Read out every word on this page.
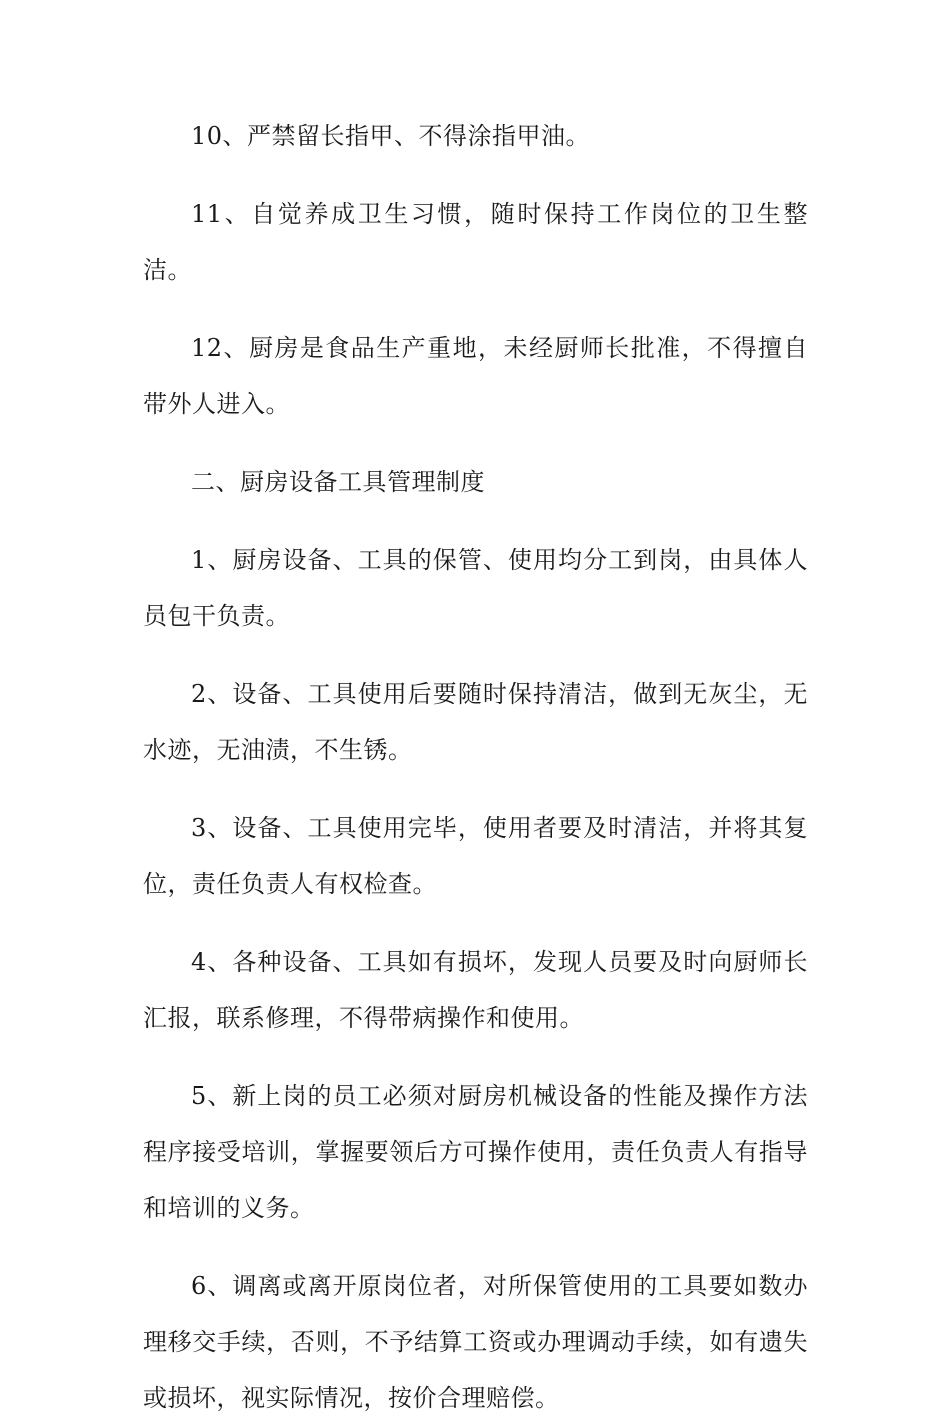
10、严禁留长指甲、不得涂指甲油。

11、自觉养成卫生习惯，随时保持工作岗位的卫生整洁。

12、厨房是食品生产重地，未经厨师长批准，不得擅自带外人进入。

二、厨房设备工具管理制度

1、厨房设备、工具的保管、使用均分工到岗，由具体人员包干负责。

2、设备、工具使用后要随时保持清洁，做到无灰尘，无水迹，无油渍，不生锈。

3、设备、工具使用完毕，使用者要及时清洁，并将其复位，责任负责人有权检查。

4、各种设备、工具如有损坏，发现人员要及时向厨师长汇报，联系修理，不得带病操作和使用。

5、新上岗的员工必须对厨房机械设备的性能及操作方法程序接受培训，掌握要领后方可操作使用，责任负责人有指导和培训的义务。

6、调离或离开原岗位者，对所保管使用的工具要如数办理移交手续，否则，不予结算工资或办理调动手续，如有遗失或损坏，视实际情况，按价合理赔偿。
